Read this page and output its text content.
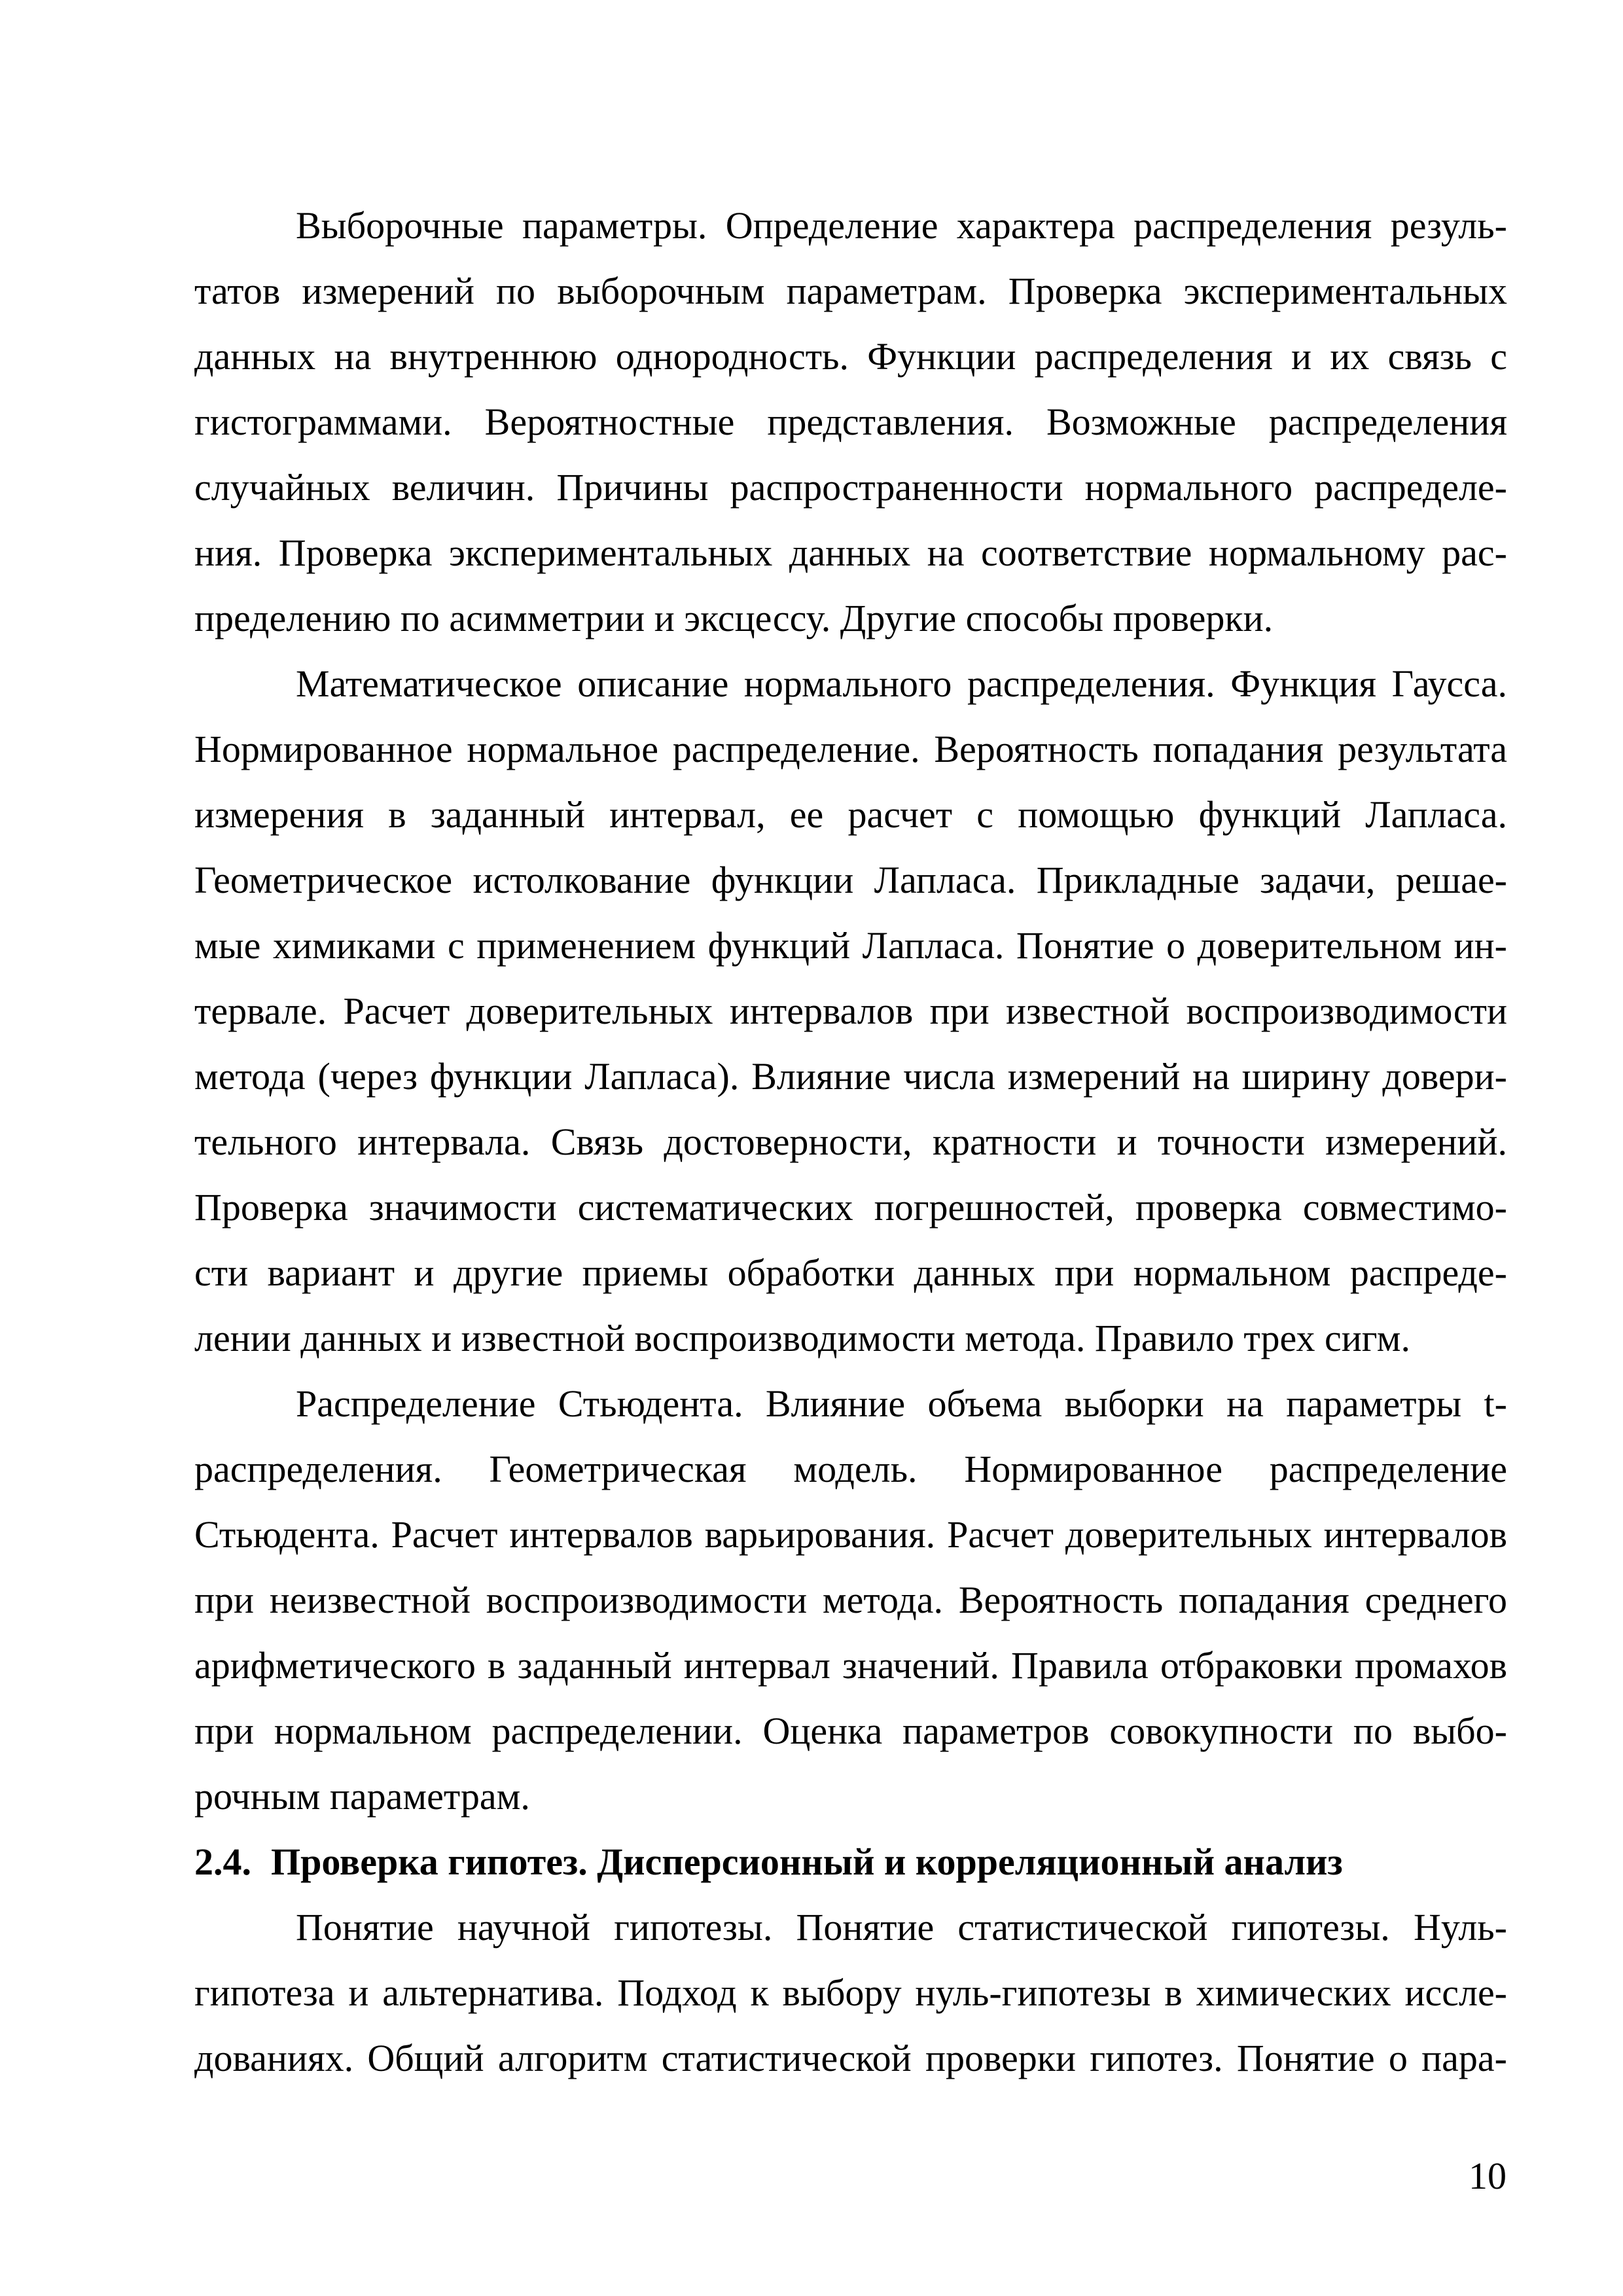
Выборочные параметры. Определение характера распределения резуль-
татов измерений по выборочным параметрам. Проверка экспериментальных
данных на внутреннюю однородность. Функции распределения и их связь с
гистограммами. Вероятностные представления. Возможные распределения
случайных величин. Причины распространенности нормального распределе-
ния. Проверка экспериментальных данных на соответствие нормальному рас-
пределению по асимметрии и эксцессу. Другие способы проверки.

Математическое описание нормального распределения. Функция Гаусса.
Нормированное нормальное распределение. Вероятность попадания результата
измерения в заданный интервал, ее расчет с помощью функций Лапласа.
Геометрическое истолкование функции Лапласа. Прикладные задачи, решае-
мые химиками с применением функций Лапласа. Понятие о доверительном ин-
тервале. Расчет доверительных интервалов при известной воспроизводимости
метода (через функции Лапласа). Влияние числа измерений на ширину довери-
тельного интервала. Связь достоверности, кратности и точности измерений.
Проверка значимости систематических погрешностей, проверка совместимо-
сти вариант и другие приемы обработки данных при нормальном распреде-
лении данных и известной воспроизводимости метода. Правило трех сигм.

Распределение Стьюдента. Влияние объема выборки на параметры t-
распределения. Геометрическая модель. Нормированное распределение
Стьюдента. Расчет интервалов варьирования. Расчет доверительных интервалов
при неизвестной воспроизводимости метода. Вероятность попадания среднего
арифметического в заданный интервал значений. Правила отбраковки промахов
при нормальном распределении. Оценка параметров совокупности по выбо-
рочным параметрам.

2.4. Проверка гипотез. Дисперсионный и корреляционный анализ

Понятие научной гипотезы. Понятие статистической гипотезы. Нуль-
гипотеза и альтернатива. Подход к выбору нуль-гипотезы в химических иссле-
дованиях. Общий алгоритм статистической проверки гипотез. Понятие о пара-

10
